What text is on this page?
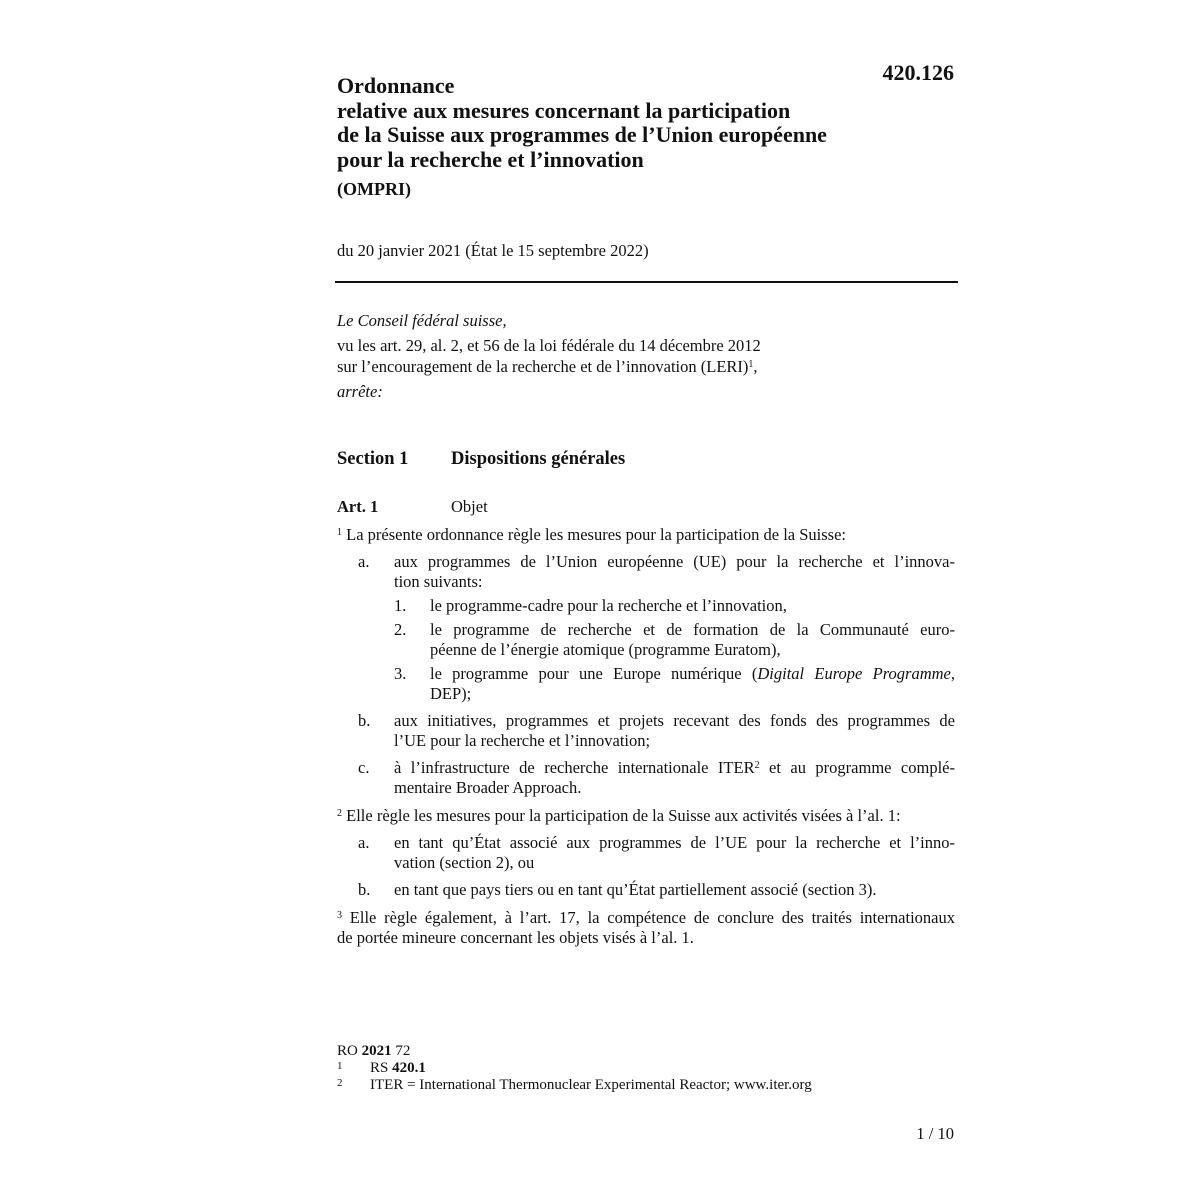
420.126
Ordonnance
relative aux mesures concernant la participation
de la Suisse aux programmes de l’Union européenne
pour la recherche et l’innovation
(OMPRI)
du 20 janvier 2021 (État le 15 septembre 2022)
Le Conseil fédéral suisse,
vu les art. 29, al. 2, et 56 de la loi fédérale du 14 décembre 2012
sur l’encouragement de la recherche et de l’innovation (LERI)$^1$,
arrête:
Section 1 Dispositions générales
Art. 1	Objet
$^1$ La présente ordonnance règle les mesures pour la participation de la Suisse:
a. aux programmes de l’Union européenne (UE) pour la recherche et l’innova-
tion suivants:
1. le programme-cadre pour la recherche et l’innovation,
2. le programme de recherche et de formation de la Communauté euro-
péenne de l’énergie atomique (programme Euratom),
3. le programme pour une Europe numérique (Digital Europe Programme,
DEP);
b. aux initiatives, programmes et projets recevant des fonds des programmes de
l’UE pour la recherche et l’innovation;
c. à l’infrastructure de recherche internationale ITER$^2$ et au programme complé-
mentaire Broader Approach.
$^2$ Elle règle les mesures pour la participation de la Suisse aux activités visées à l’al. 1:
a. en tant qu’État associé aux programmes de l’UE pour la recherche et l’inno-
vation (section 2), ou
b. en tant que pays tiers ou en tant qu’État partiellement associé (section 3).
$^3$ Elle règle également, à l’art. 17, la compétence de conclure des traités internationaux
de portée mineure concernant les objets visés à l’al. 1.
RO 2021 72
1 RS 420.1
2 ITER = International Thermonuclear Experimental Reactor; www.iter.org
1 / 10
